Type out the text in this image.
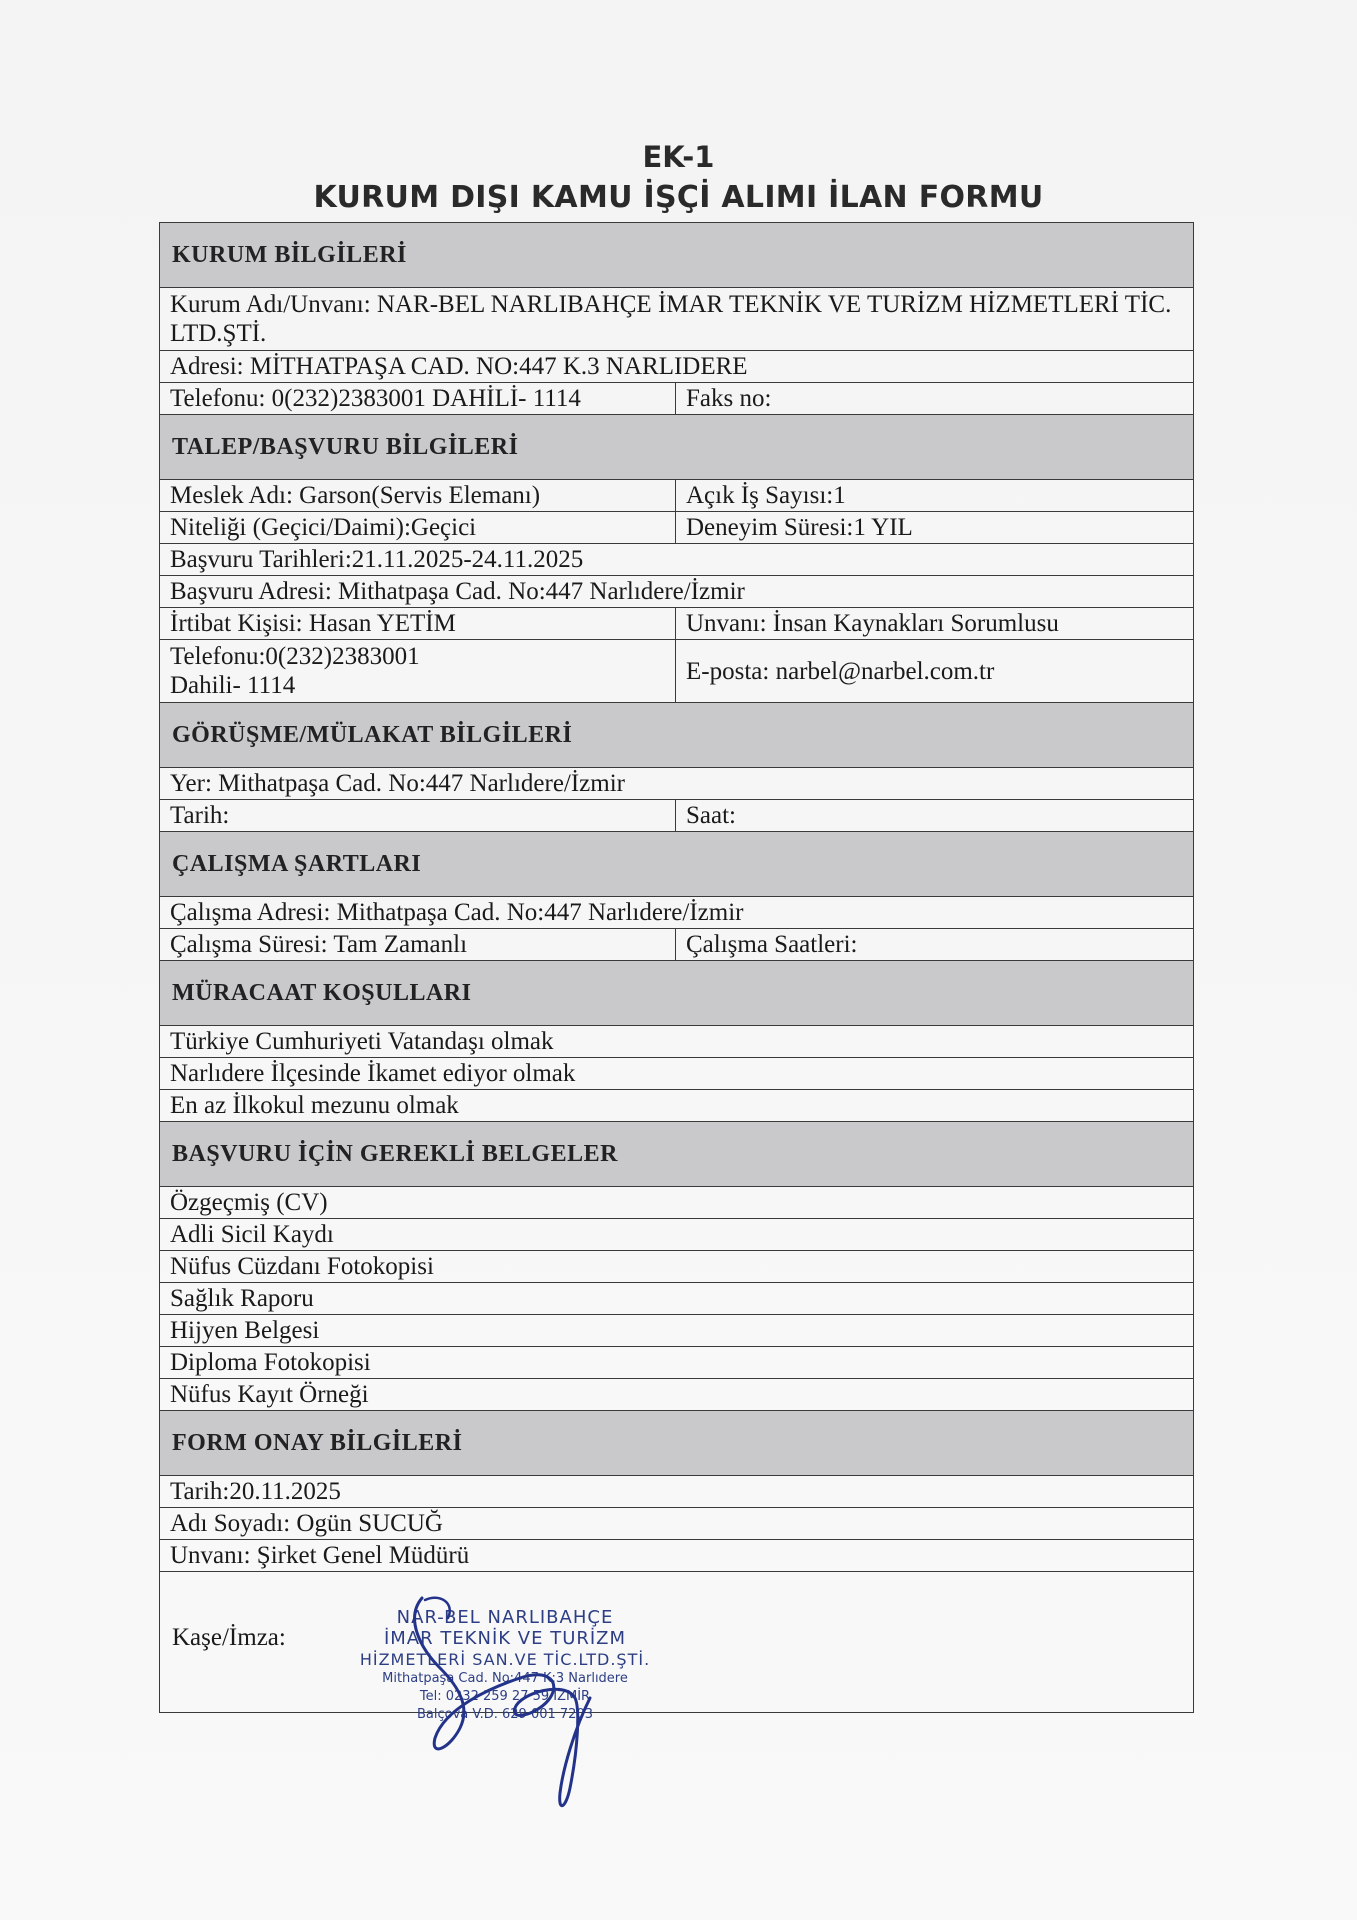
EK-1
KURUM DIŞI KAMU İŞÇİ ALIMI İLAN FORMU
KURUM BİLGİLERİ	
Kurum Adı/Unvanı: NAR-BEL NARLIBAHÇE İMAR TEKNİK VE TURİZM HİZMETLERİ TİC. LTD.ŞTİ.	
Adresi: MİTHATPAŞA CAD. NO:447 K.3 NARLIDERE	
Telefonu: 0(232)2383001 DAHİLİ- 1114	Faks no:
TALEP/BAŞVURU BİLGİLERİ	
Meslek Adı: Garson(Servis Elemanı)	Açık İş Sayısı:1
Niteliği (Geçici/Daimi):Geçici	Deneyim Süresi:1 YIL
Başvuru Tarihleri:21.11.2025-24.11.2025	
Başvuru Adresi: Mithatpaşa Cad. No:447 Narlıdere/İzmir	
İrtibat Kişisi: Hasan YETİM	Unvanı: İnsan Kaynakları Sorumlusu

Telefonu:0(232)2383001
Dahili- 1114	E-posta: narbel@narbel.com.tr
GÖRÜŞME/MÜLAKAT BİLGİLERİ	
Yer: Mithatpaşa Cad. No:447 Narlıdere/İzmir	
Tarih:	Saat:
ÇALIŞMA ŞARTLARI	
Çalışma Adresi: Mithatpaşa Cad. No:447 Narlıdere/İzmir	
Çalışma Süresi: Tam Zamanlı	Çalışma Saatleri:
MÜRACAAT KOŞULLARI	
Türkiye Cumhuriyeti Vatandaşı olmak	
Narlıdere İlçesinde İkamet ediyor olmak	
En az İlkokul mezunu olmak	
BAŞVURU İÇİN GEREKLİ BELGELER	
Özgeçmiş (CV)	
Adli Sicil Kaydı	
Nüfus Cüzdanı Fotokopisi	
Sağlık Raporu	
Hijyen Belgesi	
Diploma Fotokopisi	
Nüfus Kayıt Örneği	
FORM ONAY BİLGİLERİ	
Tarih:20.11.2025	
Adı Soyadı: Ogün SUCUĞ	
Unvanı: Şirket Genel Müdürü	

Kaşe/İmza:	
NAR-BEL NARLIBAHÇE
İMAR TEKNİK VE TURİZM
HİZMETLERİ SAN.VE TİC.LTD.ŞTİ.
Mithatpaşa Cad. No:447 K:3 Narlıdere
Tel: 0232 259 27 59 İZMİR
Balçova V.D. 629 001 7203
